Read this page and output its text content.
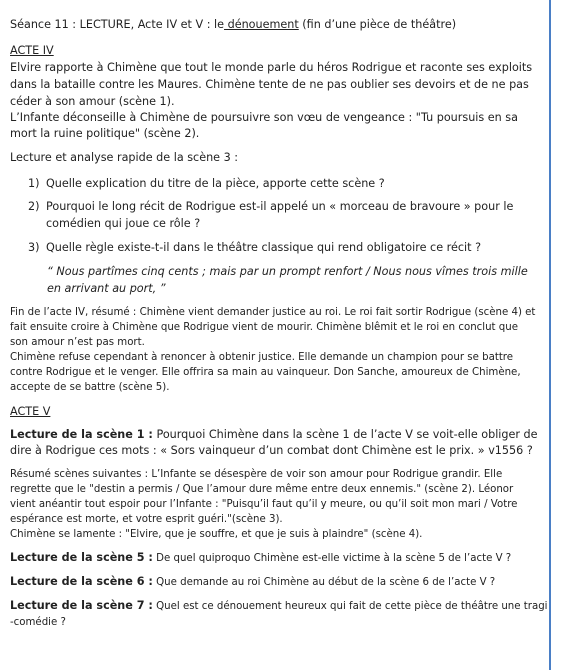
Séance 11 : LECTURE, Acte IV et V : le dénouement (fin d’une pièce de théâtre)
ACTE IV
Elvire rapporte à Chimène que tout le monde parle du héros Rodrigue et raconte ses exploits
dans la bataille contre les Maures. Chimène tente de ne pas oublier ses devoirs et de ne pas
céder à son amour (scène 1).
L’Infante déconseille à Chimène de poursuivre son vœu de vengeance : "Tu poursuis en sa
mort la ruine politique" (scène 2).
Lecture et analyse rapide de la scène 3 :
1) Quelle explication du titre de la pièce, apporte cette scène ?
2) Pourquoi le long récit de Rodrigue est-il appelé un « morceau de bravoure » pour le
comédien qui joue ce rôle ?
3) Quelle règle existe-t-il dans le théâtre classique qui rend obligatoire ce récit ?
“ Nous partîmes cinq cents ; mais par un prompt renfort / Nous nous vîmes trois mille
en arrivant au port, ”
Fin de l’acte IV, résumé : Chimène vient demander justice au roi. Le roi fait sortir Rodrigue (scène 4) et
fait ensuite croire à Chimène que Rodrigue vient de mourir. Chimène blêmit et le roi en conclut que
son amour n’est pas mort.
Chimène refuse cependant à renoncer à obtenir justice. Elle demande un champion pour se battre
contre Rodrigue et le venger. Elle offrira sa main au vainqueur. Don Sanche, amoureux de Chimène,
accepte de se battre (scène 5).
ACTE V
Lecture de la scène 1 : Pourquoi Chimène dans la scène 1 de l’acte V se voit-elle obliger de
dire à Rodrigue ces mots : « Sors vainqueur d’un combat dont Chimène est le prix. » v1556 ?
Résumé scènes suivantes : L’Infante se désespère de voir son amour pour Rodrigue grandir. Elle
regrette que le "destin a permis / Que l’amour dure même entre deux ennemis." (scène 2). Léonor
vient anéantir tout espoir pour l’Infante : "Puisqu’il faut qu’il y meure, ou qu’il soit mon mari / Votre
espérance est morte, et votre esprit guéri."(scène 3).
Chimène se lamente : "Elvire, que je souffre, et que je suis à plaindre" (scène 4).
Lecture de la scène 5 : De quel quiproquo Chimène est-elle victime à la scène 5 de l’acte V ?
Lecture de la scène 6 : Que demande au roi Chimène au début de la scène 6 de l’acte V ?
Lecture de la scène 7 : Quel est ce dénouement heureux qui fait de cette pièce de théâtre une tragi
-comédie ?
